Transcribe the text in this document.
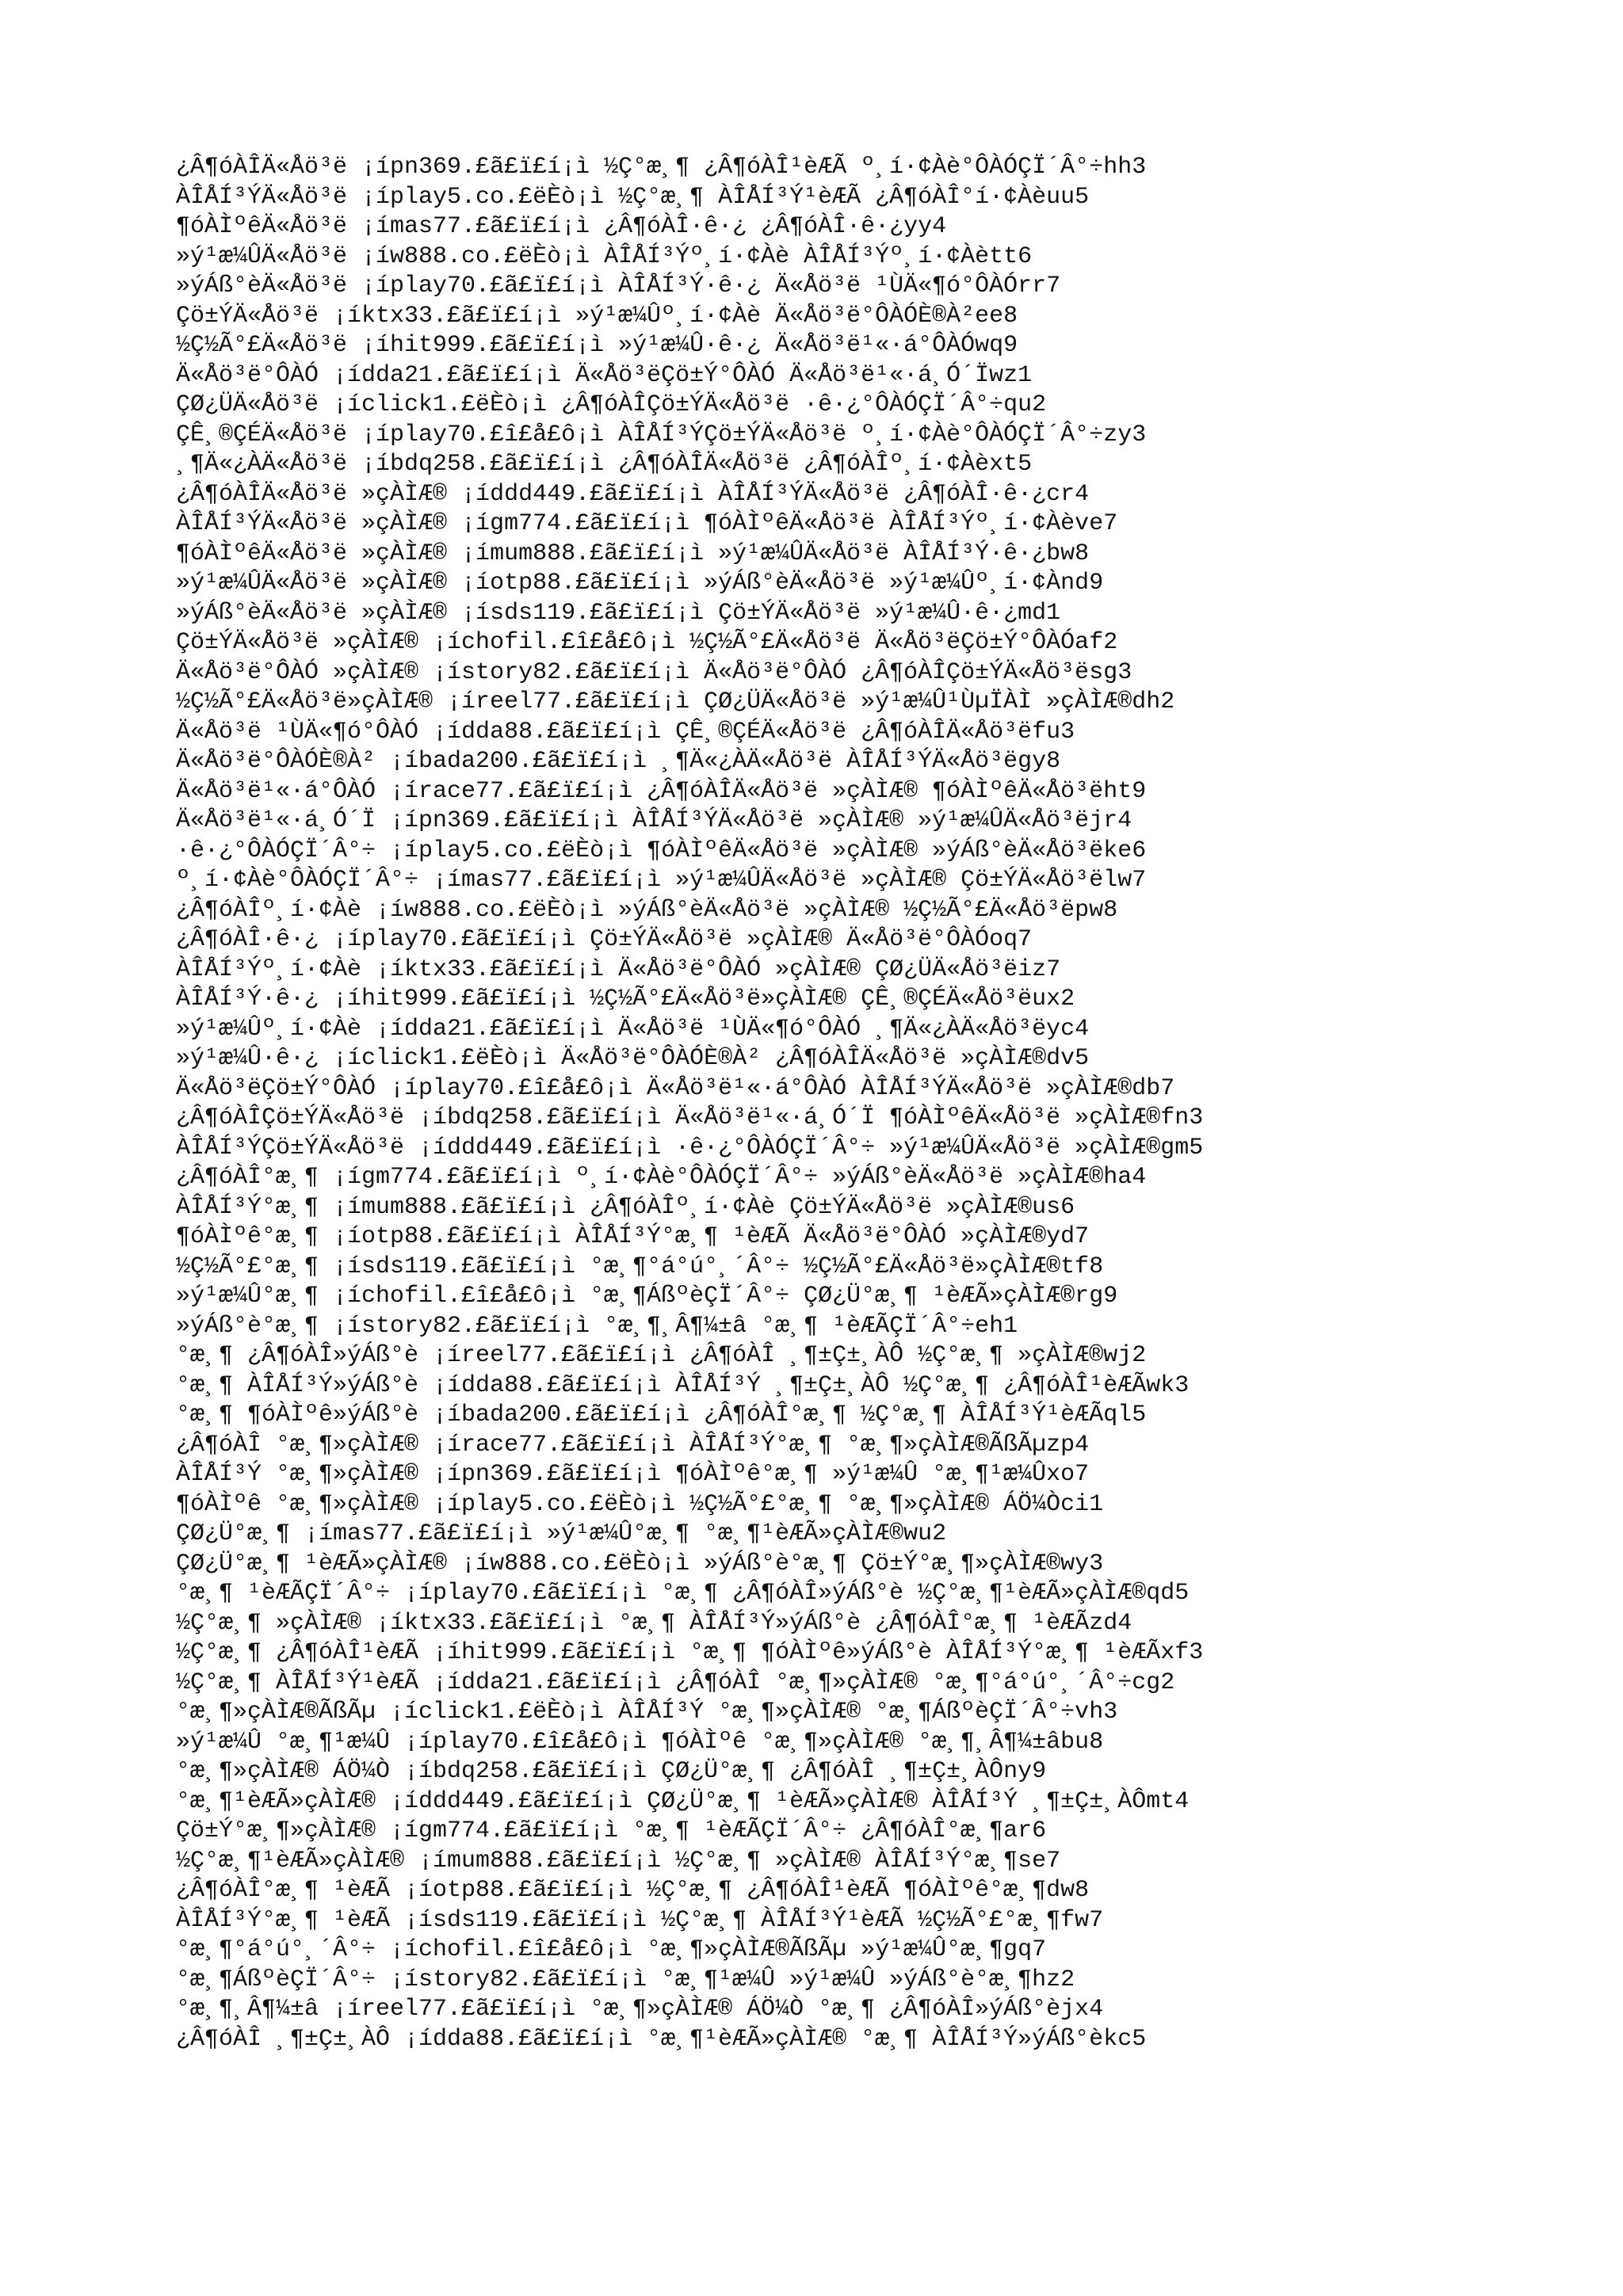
¿Â¶óÀÎÄ«Åö³ë ¡ípn369.£ã£ï£í¡ì ½Ç°æ¸¶ ¿Â¶óÀÎ¹èÆÃ º¸í·¢Àè°ÔÀÓÇÏ´Â°÷hh3
ÀÎÅÍ³ÝÄ«Åö³ë ¡íplay5.co.£ëÈò¡ì ½Ç°æ¸¶ ÀÎÅÍ³Ý¹èÆÃ ¿Â¶óÀÎ°í·¢Àèuu5
¶óÀÌºêÄ«Åö³ë ¡ímas77.£ã£ï£í¡ì ¿Â¶óÀÎ·ê·¿ ¿Â¶óÀÎ·ê·¿yy4
»ý¹æ¼ÛÄ«Åö³ë ¡íw888.co.£ëÈò¡ì ÀÎÅÍ³Ýº¸í·¢Àè ÀÎÅÍ³Ýº¸í·¢Àètt6
»ýÁß°èÄ«Åö³ë ¡íplay70.£ã£ï£í¡ì ÀÎÅÍ³Ý·ê·¿ Ä«Åö³ë ¹ÙÄ«¶ó°ÔÀÓrr7
Çö±ÝÄ«Åö³ë ¡íktx33.£ã£ï£í¡ì »ý¹æ¼Ûº¸í·¢Àè Ä«Åö³ë°ÔÀÓÈ®À²ee8
½Ç½Ã°£Ä«Åö³ë ¡íhit999.£ã£ï£í¡ì »ý¹æ¼Û·ê·¿ Ä«Åö³ë¹«·á°ÔÀÓwq9
Ä«Åö³ë°ÔÀÓ ¡ídda21.£ã£ï£í¡ì Ä«Åö³ëÇö±Ý°ÔÀÓ Ä«Åö³ë¹«·á¸Ó´Ïwz1
ÇØ¿ÜÄ«Åö³ë ¡íclick1.£ëÈò¡ì ¿Â¶óÀÎÇö±ÝÄ«Åö³ë ·ê·¿°ÔÀÓÇÏ´Â°÷qu2
ÇÊ¸®ÇÉÄ«Åö³ë ¡íplay70.£î£å£ô¡ì ÀÎÅÍ³ÝÇö±ÝÄ«Åö³ë º¸í·¢Àè°ÔÀÓÇÏ´Â°÷zy3
¸¶Ä«¿ÀÄ«Åö³ë ¡íbdq258.£ã£ï£í¡ì ¿Â¶óÀÎÄ«Åö³ë ¿Â¶óÀÎº¸í·¢Àèxt5
¿Â¶óÀÎÄ«Åö³ë »çÀÌÆ® ¡íddd449.£ã£ï£í¡ì ÀÎÅÍ³ÝÄ«Åö³ë ¿Â¶óÀÎ·ê·¿cr4
ÀÎÅÍ³ÝÄ«Åö³ë »çÀÌÆ® ¡ígm774.£ã£ï£í¡ì ¶óÀÌºêÄ«Åö³ë ÀÎÅÍ³Ýº¸í·¢Àève7
¶óÀÌºêÄ«Åö³ë »çÀÌÆ® ¡ímum888.£ã£ï£í¡ì »ý¹æ¼ÛÄ«Åö³ë ÀÎÅÍ³Ý·ê·¿bw8
»ý¹æ¼ÛÄ«Åö³ë »çÀÌÆ® ¡íotp88.£ã£ï£í¡ì »ýÁß°èÄ«Åö³ë »ý¹æ¼Ûº¸í·¢Ànd9
»ýÁß°èÄ«Åö³ë »çÀÌÆ® ¡ísds119.£ã£ï£í¡ì Çö±ÝÄ«Åö³ë »ý¹æ¼Û·ê·¿md1
Çö±ÝÄ«Åö³ë »çÀÌÆ® ¡íchofil.£î£å£ô¡ì ½Ç½Ã°£Ä«Åö³ë Ä«Åö³ëÇö±Ý°ÔÀÓaf2
Ä«Åö³ë°ÔÀÓ »çÀÌÆ® ¡ístory82.£ã£ï£í¡ì Ä«Åö³ë°ÔÀÓ ¿Â¶óÀÎÇö±ÝÄ«Åö³ësg3
½Ç½Ã°£Ä«Åö³ë»çÀÌÆ® ¡íreel77.£ã£ï£í¡ì ÇØ¿ÜÄ«Åö³ë »ý¹æ¼Û¹ÙµÏÀÌ »çÀÌÆ®dh2
Ä«Åö³ë ¹ÙÄ«¶ó°ÔÀÓ ¡ídda88.£ã£ï£í¡ì ÇÊ¸®ÇÉÄ«Åö³ë ¿Â¶óÀÎÄ«Åö³ëfu3
Ä«Åö³ë°ÔÀÓÈ®À² ¡íbada200.£ã£ï£í¡ì ¸¶Ä«¿ÀÄ«Åö³ë ÀÎÅÍ³ÝÄ«Åö³ëgy8
Ä«Åö³ë¹«·á°ÔÀÓ ¡írace77.£ã£ï£í¡ì ¿Â¶óÀÎÄ«Åö³ë »çÀÌÆ® ¶óÀÌºêÄ«Åö³ëht9
Ä«Åö³ë¹«·á¸Ó´Ï ¡ípn369.£ã£ï£í¡ì ÀÎÅÍ³ÝÄ«Åö³ë »çÀÌÆ® »ý¹æ¼ÛÄ«Åö³ëjr4
·ê·¿°ÔÀÓÇÏ´Â°÷ ¡íplay5.co.£ëÈò¡ì ¶óÀÌºêÄ«Åö³ë »çÀÌÆ® »ýÁß°èÄ«Åö³ëke6
º¸í·¢Àè°ÔÀÓÇÏ´Â°÷ ¡ímas77.£ã£ï£í¡ì »ý¹æ¼ÛÄ«Åö³ë »çÀÌÆ® Çö±ÝÄ«Åö³ëlw7
¿Â¶óÀÎº¸í·¢Àè ¡íw888.co.£ëÈò¡ì »ýÁß°èÄ«Åö³ë »çÀÌÆ® ½Ç½Ã°£Ä«Åö³ëpw8
¿Â¶óÀÎ·ê·¿ ¡íplay70.£ã£ï£í¡ì Çö±ÝÄ«Åö³ë »çÀÌÆ® Ä«Åö³ë°ÔÀÓoq7
ÀÎÅÍ³Ýº¸í·¢Àè ¡íktx33.£ã£ï£í¡ì Ä«Åö³ë°ÔÀÓ »çÀÌÆ® ÇØ¿ÜÄ«Åö³ëiz7
ÀÎÅÍ³Ý·ê·¿ ¡íhit999.£ã£ï£í¡ì ½Ç½Ã°£Ä«Åö³ë»çÀÌÆ® ÇÊ¸®ÇÉÄ«Åö³ëux2
»ý¹æ¼Ûº¸í·¢Àè ¡ídda21.£ã£ï£í¡ì Ä«Åö³ë ¹ÙÄ«¶ó°ÔÀÓ ¸¶Ä«¿ÀÄ«Åö³ëyc4
»ý¹æ¼Û·ê·¿ ¡íclick1.£ëÈò¡ì Ä«Åö³ë°ÔÀÓÈ®À² ¿Â¶óÀÎÄ«Åö³ë »çÀÌÆ®dv5
Ä«Åö³ëÇö±Ý°ÔÀÓ ¡íplay70.£î£å£ô¡ì Ä«Åö³ë¹«·á°ÔÀÓ ÀÎÅÍ³ÝÄ«Åö³ë »çÀÌÆ®db7
¿Â¶óÀÎÇö±ÝÄ«Åö³ë ¡íbdq258.£ã£ï£í¡ì Ä«Åö³ë¹«·á¸Ó´Ï ¶óÀÌºêÄ«Åö³ë »çÀÌÆ®fn3
ÀÎÅÍ³ÝÇö±ÝÄ«Åö³ë ¡íddd449.£ã£ï£í¡ì ·ê·¿°ÔÀÓÇÏ´Â°÷ »ý¹æ¼ÛÄ«Åö³ë »çÀÌÆ®gm5
¿Â¶óÀÎ°æ¸¶ ¡ígm774.£ã£ï£í¡ì º¸í·¢Àè°ÔÀÓÇÏ´Â°÷ »ýÁß°èÄ«Åö³ë »çÀÌÆ®ha4
ÀÎÅÍ³Ý°æ¸¶ ¡ímum888.£ã£ï£í¡ì ¿Â¶óÀÎº¸í·¢Àè Çö±ÝÄ«Åö³ë »çÀÌÆ®us6
¶óÀÌºê°æ¸¶ ¡íotp88.£ã£ï£í¡ì ÀÎÅÍ³Ý°æ¸¶ ¹èÆÃ Ä«Åö³ë°ÔÀÓ »çÀÌÆ®yd7
½Ç½Ã°£°æ¸¶ ¡ísds119.£ã£ï£í¡ì °æ¸¶°á°ú°¸´Â°÷ ½Ç½Ã°£Ä«Åö³ë»çÀÌÆ®tf8
»ý¹æ¼Û°æ¸¶ ¡íchofil.£î£å£ô¡ì °æ¸¶ÁßºèÇÏ´Â°÷ ÇØ¿Ü°æ¸¶ ¹èÆÃ»çÀÌÆ®rg9
»ýÁß°è°æ¸¶ ¡ístory82.£ã£ï£í¡ì °æ¸¶¸Â¶¼±â °æ¸¶ ¹èÆÃÇÏ´Â°÷eh1
°æ¸¶ ¿Â¶óÀÎ»ýÁß°è ¡íreel77.£ã£ï£í¡ì ¿Â¶óÀÎ ¸¶±Ç±¸ÀÔ ½Ç°æ¸¶ »çÀÌÆ®wj2
°æ¸¶ ÀÎÅÍ³Ý»ýÁß°è ¡ídda88.£ã£ï£í¡ì ÀÎÅÍ³Ý ¸¶±Ç±¸ÀÔ ½Ç°æ¸¶ ¿Â¶óÀÎ¹èÆÃwk3
°æ¸¶ ¶óÀÌºê»ýÁß°è ¡íbada200.£ã£ï£í¡ì ¿Â¶óÀÎ°æ¸¶ ½Ç°æ¸¶ ÀÎÅÍ³Ý¹èÆÃql5
¿Â¶óÀÎ °æ¸¶»çÀÌÆ® ¡írace77.£ã£ï£í¡ì ÀÎÅÍ³Ý°æ¸¶ °æ¸¶»çÀÌÆ®ÃßÃµzp4
ÀÎÅÍ³Ý °æ¸¶»çÀÌÆ® ¡ípn369.£ã£ï£í¡ì ¶óÀÌºê°æ¸¶ »ý¹æ¼Û °æ¸¶¹æ¼Ûxo7
¶óÀÌºê °æ¸¶»çÀÌÆ® ¡íplay5.co.£ëÈò¡ì ½Ç½Ã°£°æ¸¶ °æ¸¶»çÀÌÆ® ÁÖ¼Òci1
ÇØ¿Ü°æ¸¶ ¡ímas77.£ã£ï£í¡ì »ý¹æ¼Û°æ¸¶ °æ¸¶¹èÆÃ»çÀÌÆ®wu2
ÇØ¿Ü°æ¸¶ ¹èÆÃ»çÀÌÆ® ¡íw888.co.£ëÈò¡ì »ýÁß°è°æ¸¶ Çö±Ý°æ¸¶»çÀÌÆ®wy3
°æ¸¶ ¹èÆÃÇÏ´Â°÷ ¡íplay70.£ã£ï£í¡ì °æ¸¶ ¿Â¶óÀÎ»ýÁß°è ½Ç°æ¸¶¹èÆÃ»çÀÌÆ®qd5
½Ç°æ¸¶ »çÀÌÆ® ¡íktx33.£ã£ï£í¡ì °æ¸¶ ÀÎÅÍ³Ý»ýÁß°è ¿Â¶óÀÎ°æ¸¶ ¹èÆÃzd4
½Ç°æ¸¶ ¿Â¶óÀÎ¹èÆÃ ¡íhit999.£ã£ï£í¡ì °æ¸¶ ¶óÀÌºê»ýÁß°è ÀÎÅÍ³Ý°æ¸¶ ¹èÆÃxf3
½Ç°æ¸¶ ÀÎÅÍ³Ý¹èÆÃ ¡ídda21.£ã£ï£í¡ì ¿Â¶óÀÎ °æ¸¶»çÀÌÆ® °æ¸¶°á°ú°¸´Â°÷cg2
°æ¸¶»çÀÌÆ®ÃßÃµ ¡íclick1.£ëÈò¡ì ÀÎÅÍ³Ý °æ¸¶»çÀÌÆ® °æ¸¶ÁßºèÇÏ´Â°÷vh3
»ý¹æ¼Û °æ¸¶¹æ¼Û ¡íplay70.£î£å£ô¡ì ¶óÀÌºê °æ¸¶»çÀÌÆ® °æ¸¶¸Â¶¼±âbu8
°æ¸¶»çÀÌÆ® ÁÖ¼Ò ¡íbdq258.£ã£ï£í¡ì ÇØ¿Ü°æ¸¶ ¿Â¶óÀÎ ¸¶±Ç±¸ÀÔny9
°æ¸¶¹èÆÃ»çÀÌÆ® ¡íddd449.£ã£ï£í¡ì ÇØ¿Ü°æ¸¶ ¹èÆÃ»çÀÌÆ® ÀÎÅÍ³Ý ¸¶±Ç±¸ÀÔmt4
Çö±Ý°æ¸¶»çÀÌÆ® ¡ígm774.£ã£ï£í¡ì °æ¸¶ ¹èÆÃÇÏ´Â°÷ ¿Â¶óÀÎ°æ¸¶ar6
½Ç°æ¸¶¹èÆÃ»çÀÌÆ® ¡ímum888.£ã£ï£í¡ì ½Ç°æ¸¶ »çÀÌÆ® ÀÎÅÍ³Ý°æ¸¶se7
¿Â¶óÀÎ°æ¸¶ ¹èÆÃ ¡íotp88.£ã£ï£í¡ì ½Ç°æ¸¶ ¿Â¶óÀÎ¹èÆÃ ¶óÀÌºê°æ¸¶dw8
ÀÎÅÍ³Ý°æ¸¶ ¹èÆÃ ¡ísds119.£ã£ï£í¡ì ½Ç°æ¸¶ ÀÎÅÍ³Ý¹èÆÃ ½Ç½Ã°£°æ¸¶fw7
°æ¸¶°á°ú°¸´Â°÷ ¡íchofil.£î£å£ô¡ì °æ¸¶»çÀÌÆ®ÃßÃµ »ý¹æ¼Û°æ¸¶gq7
°æ¸¶ÁßºèÇÏ´Â°÷ ¡ístory82.£ã£ï£í¡ì °æ¸¶¹æ¼Û »ý¹æ¼Û »ýÁß°è°æ¸¶hz2
°æ¸¶¸Â¶¼±â ¡íreel77.£ã£ï£í¡ì °æ¸¶»çÀÌÆ® ÁÖ¼Ò °æ¸¶ ¿Â¶óÀÎ»ýÁß°èjx4
¿Â¶óÀÎ ¸¶±Ç±¸ÀÔ ¡ídda88.£ã£ï£í¡ì °æ¸¶¹èÆÃ»çÀÌÆ® °æ¸¶ ÀÎÅÍ³Ý»ýÁß°èkc5
